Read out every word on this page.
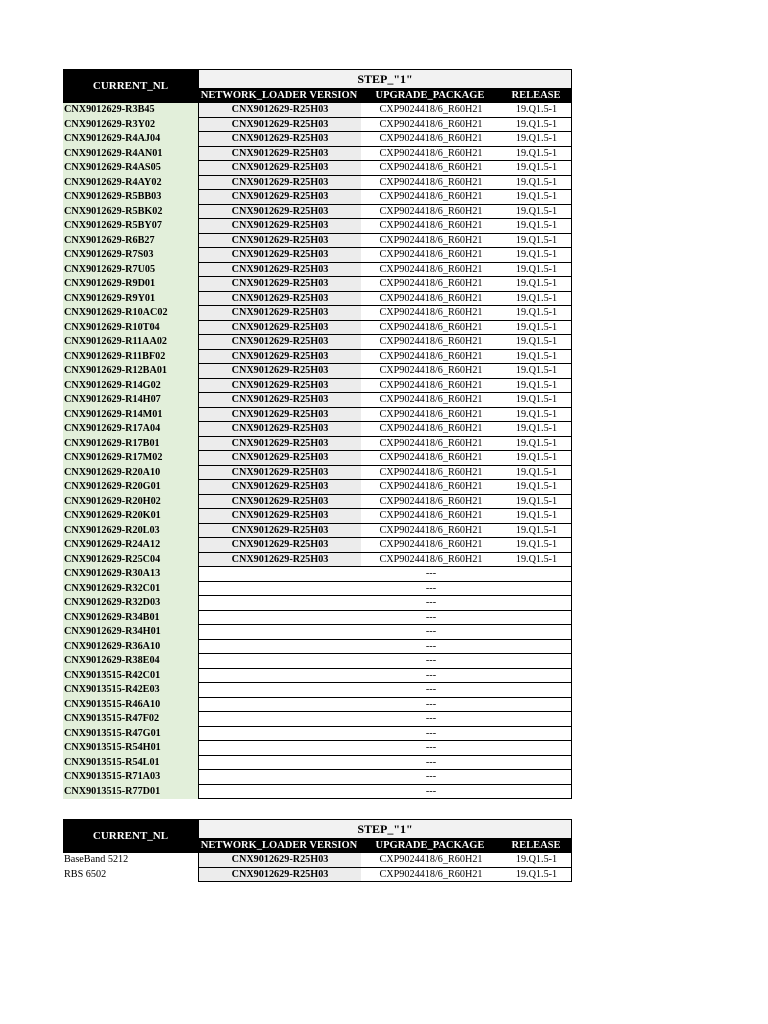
CURRENT_NL
STEP_"1"
NETWORK_LOADER VERSION	UPGRADE_PACKAGE	RELEASE
CNX9012629-R3B45	CNX9012629-R25H03	CXP9024418/6_R60H21	19.Q1.5-1
CNX9012629-R3Y02	CNX9012629-R25H03	CXP9024418/6_R60H21	19.Q1.5-1
CNX9012629-R4AJ04	CNX9012629-R25H03	CXP9024418/6_R60H21	19.Q1.5-1
CNX9012629-R4AN01	CNX9012629-R25H03	CXP9024418/6_R60H21	19.Q1.5-1
CNX9012629-R4AS05	CNX9012629-R25H03	CXP9024418/6_R60H21	19.Q1.5-1
CNX9012629-R4AY02	CNX9012629-R25H03	CXP9024418/6_R60H21	19.Q1.5-1
CNX9012629-R5BB03	CNX9012629-R25H03	CXP9024418/6_R60H21	19.Q1.5-1
CNX9012629-R5BK02	CNX9012629-R25H03	CXP9024418/6_R60H21	19.Q1.5-1
CNX9012629-R5BY07	CNX9012629-R25H03	CXP9024418/6_R60H21	19.Q1.5-1
CNX9012629-R6B27	CNX9012629-R25H03	CXP9024418/6_R60H21	19.Q1.5-1
CNX9012629-R7S03	CNX9012629-R25H03	CXP9024418/6_R60H21	19.Q1.5-1
CNX9012629-R7U05	CNX9012629-R25H03	CXP9024418/6_R60H21	19.Q1.5-1
CNX9012629-R9D01	CNX9012629-R25H03	CXP9024418/6_R60H21	19.Q1.5-1
CNX9012629-R9Y01	CNX9012629-R25H03	CXP9024418/6_R60H21	19.Q1.5-1
CNX9012629-R10AC02	CNX9012629-R25H03	CXP9024418/6_R60H21	19.Q1.5-1
CNX9012629-R10T04	CNX9012629-R25H03	CXP9024418/6_R60H21	19.Q1.5-1
CNX9012629-R11AA02	CNX9012629-R25H03	CXP9024418/6_R60H21	19.Q1.5-1
CNX9012629-R11BF02	CNX9012629-R25H03	CXP9024418/6_R60H21	19.Q1.5-1
CNX9012629-R12BA01	CNX9012629-R25H03	CXP9024418/6_R60H21	19.Q1.5-1
CNX9012629-R14G02	CNX9012629-R25H03	CXP9024418/6_R60H21	19.Q1.5-1
CNX9012629-R14H07	CNX9012629-R25H03	CXP9024418/6_R60H21	19.Q1.5-1
CNX9012629-R14M01	CNX9012629-R25H03	CXP9024418/6_R60H21	19.Q1.5-1
CNX9012629-R17A04	CNX9012629-R25H03	CXP9024418/6_R60H21	19.Q1.5-1
CNX9012629-R17B01	CNX9012629-R25H03	CXP9024418/6_R60H21	19.Q1.5-1
CNX9012629-R17M02	CNX9012629-R25H03	CXP9024418/6_R60H21	19.Q1.5-1
CNX9012629-R20A10	CNX9012629-R25H03	CXP9024418/6_R60H21	19.Q1.5-1
CNX9012629-R20G01	CNX9012629-R25H03	CXP9024418/6_R60H21	19.Q1.5-1
CNX9012629-R20H02	CNX9012629-R25H03	CXP9024418/6_R60H21	19.Q1.5-1
CNX9012629-R20K01	CNX9012629-R25H03	CXP9024418/6_R60H21	19.Q1.5-1
CNX9012629-R20L03	CNX9012629-R25H03	CXP9024418/6_R60H21	19.Q1.5-1
CNX9012629-R24A12	CNX9012629-R25H03	CXP9024418/6_R60H21	19.Q1.5-1
CNX9012629-R25C04	CNX9012629-R25H03	CXP9024418/6_R60H21	19.Q1.5-1
CNX9012629-R30A13	---
CNX9012629-R32C01	---
CNX9012629-R32D03	---
CNX9012629-R34B01	---
CNX9012629-R34H01	---
CNX9012629-R36A10	---
CNX9012629-R38E04	---
CNX9013515-R42C01	---
CNX9013515-R42E03	---
CNX9013515-R46A10	---
CNX9013515-R47F02	---
CNX9013515-R47G01	---
CNX9013515-R54H01	---
CNX9013515-R54L01	---
CNX9013515-R71A03	---
CNX9013515-R77D01	---
CURRENT_NL
STEP_"1"
NETWORK_LOADER VERSION	UPGRADE_PACKAGE	RELEASE
BaseBand 5212	CNX9012629-R25H03	CXP9024418/6_R60H21	19.Q1.5-1
RBS 6502	CNX9012629-R25H03	CXP9024418/6_R60H21	19.Q1.5-1
